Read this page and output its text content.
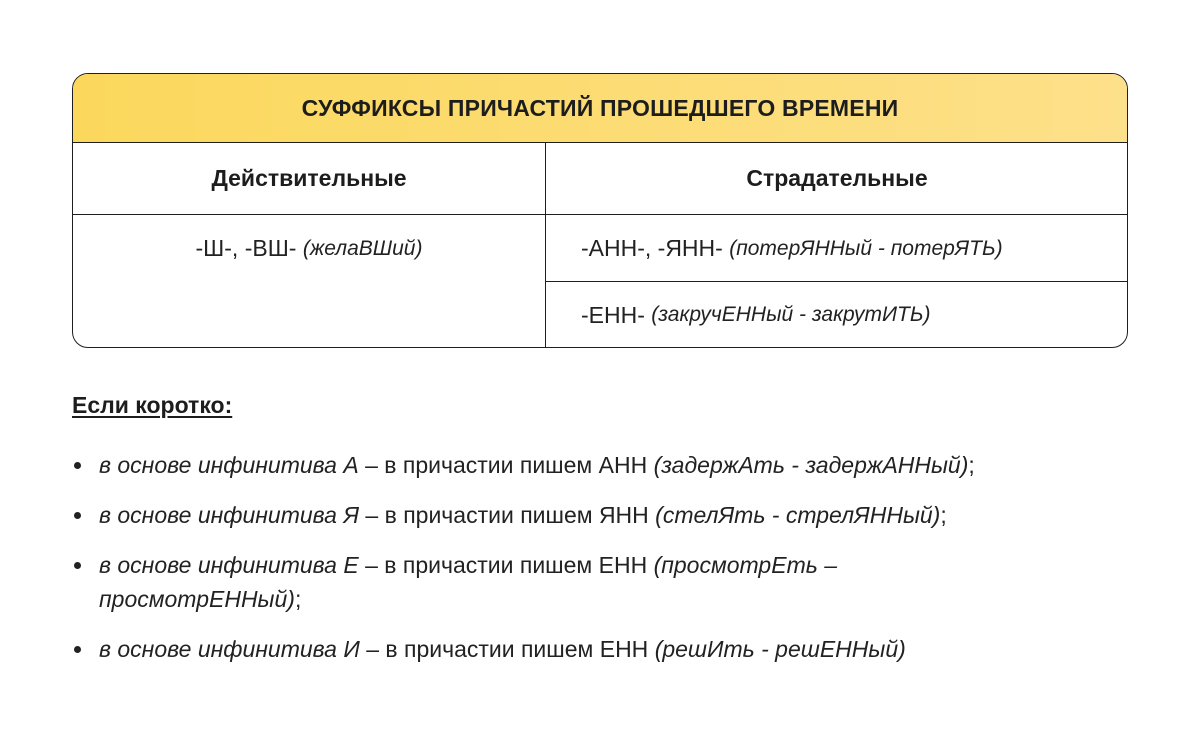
СУФФИКСЫ ПРИЧАСТИЙ ПРОШЕДШЕГО ВРЕМЕНИ
Действительные	Страдательные
-Ш-, -ВШ-
(желаВШий)	-АНН-, -ЯНН-
(потерЯННый - потерЯТЬ)
-ЕНН-
(закручЕННый - закрутИТЬ)
Если коротко:
в основе инфинитива А – в причастии пишем АНН (задержАть - задержАННый);
в основе инфинитива Я – в причастии пишем ЯНН (стелЯть - стрелЯННый);
в основе инфинитива Е – в причастии пишем ЕНН (просмотрЕть – просмотрЕННый);
в основе инфинитива И – в причастии пишем ЕНН (решИть - решЕННый)
